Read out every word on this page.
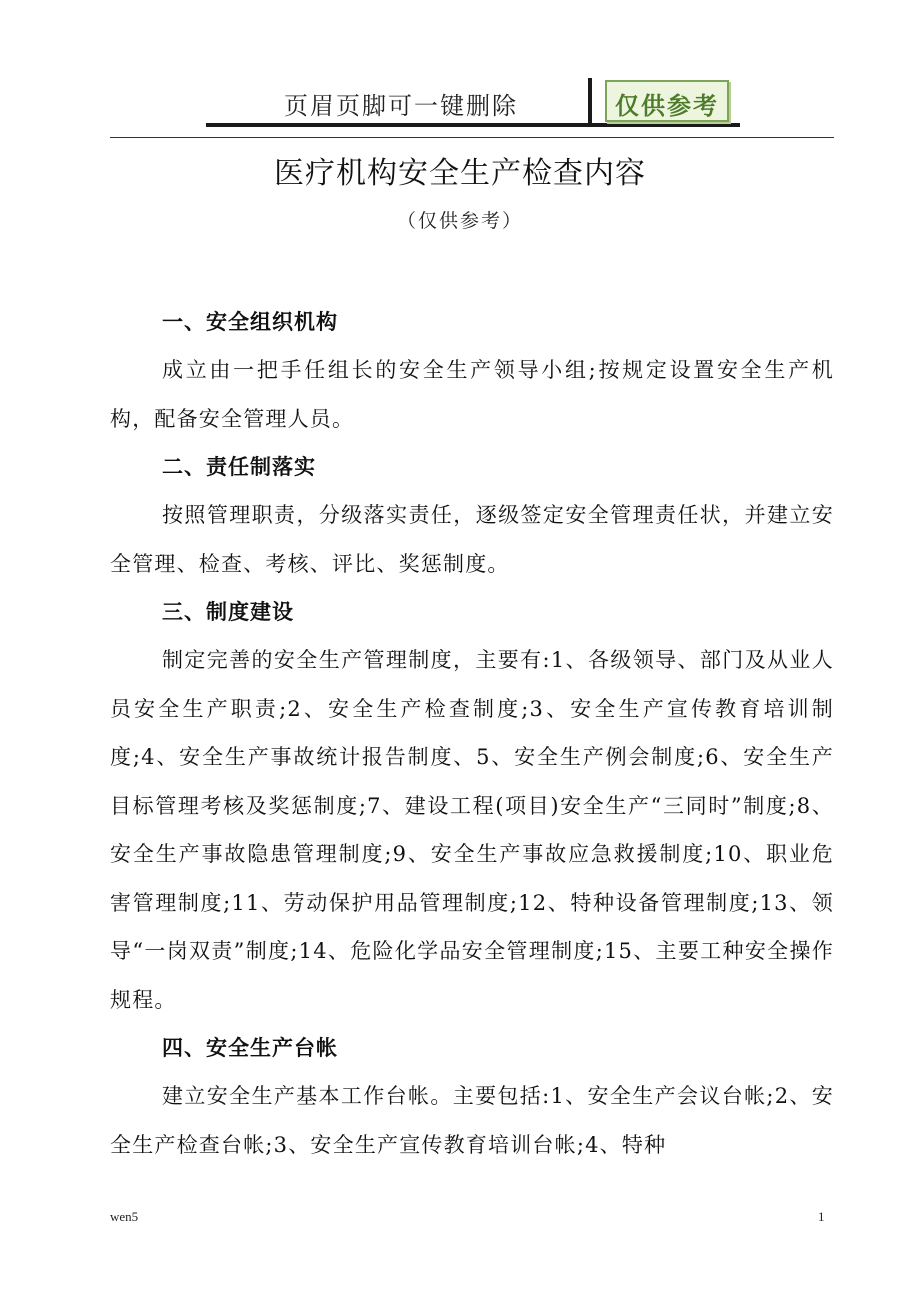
页眉页脚可一键删除	仅供参考
医疗机构安全生产检查内容
（仅供参考）
一、安全组织机构

成立由一把手任组长的安全生产领导小组;按规定设置安全生产机构，配备安全管理人员。

二、责任制落实

按照管理职责，分级落实责任，逐级签定安全管理责任状，并建立安全管理、检查、考核、评比、奖惩制度。

三、制度建设

制定完善的安全生产管理制度，主要有:1、各级领导、部门及从业人员安全生产职责;2、安全生产检查制度;3、安全生产宣传教育培训制度;4、安全生产事故统计报告制度、5、安全生产例会制度;6、安全生产目标管理考核及奖惩制度;7、建设工程(项目)安全生产“三同时”制度;8、安全生产事故隐患管理制度;9、安全生产事故应急救援制度;10、职业危害管理制度;11、劳动保护用品管理制度;12、特种设备管理制度;13、领导“一岗双责”制度;14、危险化学品安全管理制度;15、主要工种安全操作规程。

四、安全生产台帐

建立安全生产基本工作台帐。主要包括:1、安全生产会议台帐;2、安全生产检查台帐;3、安全生产宣传教育培训台帐;4、特种

wen5	1
